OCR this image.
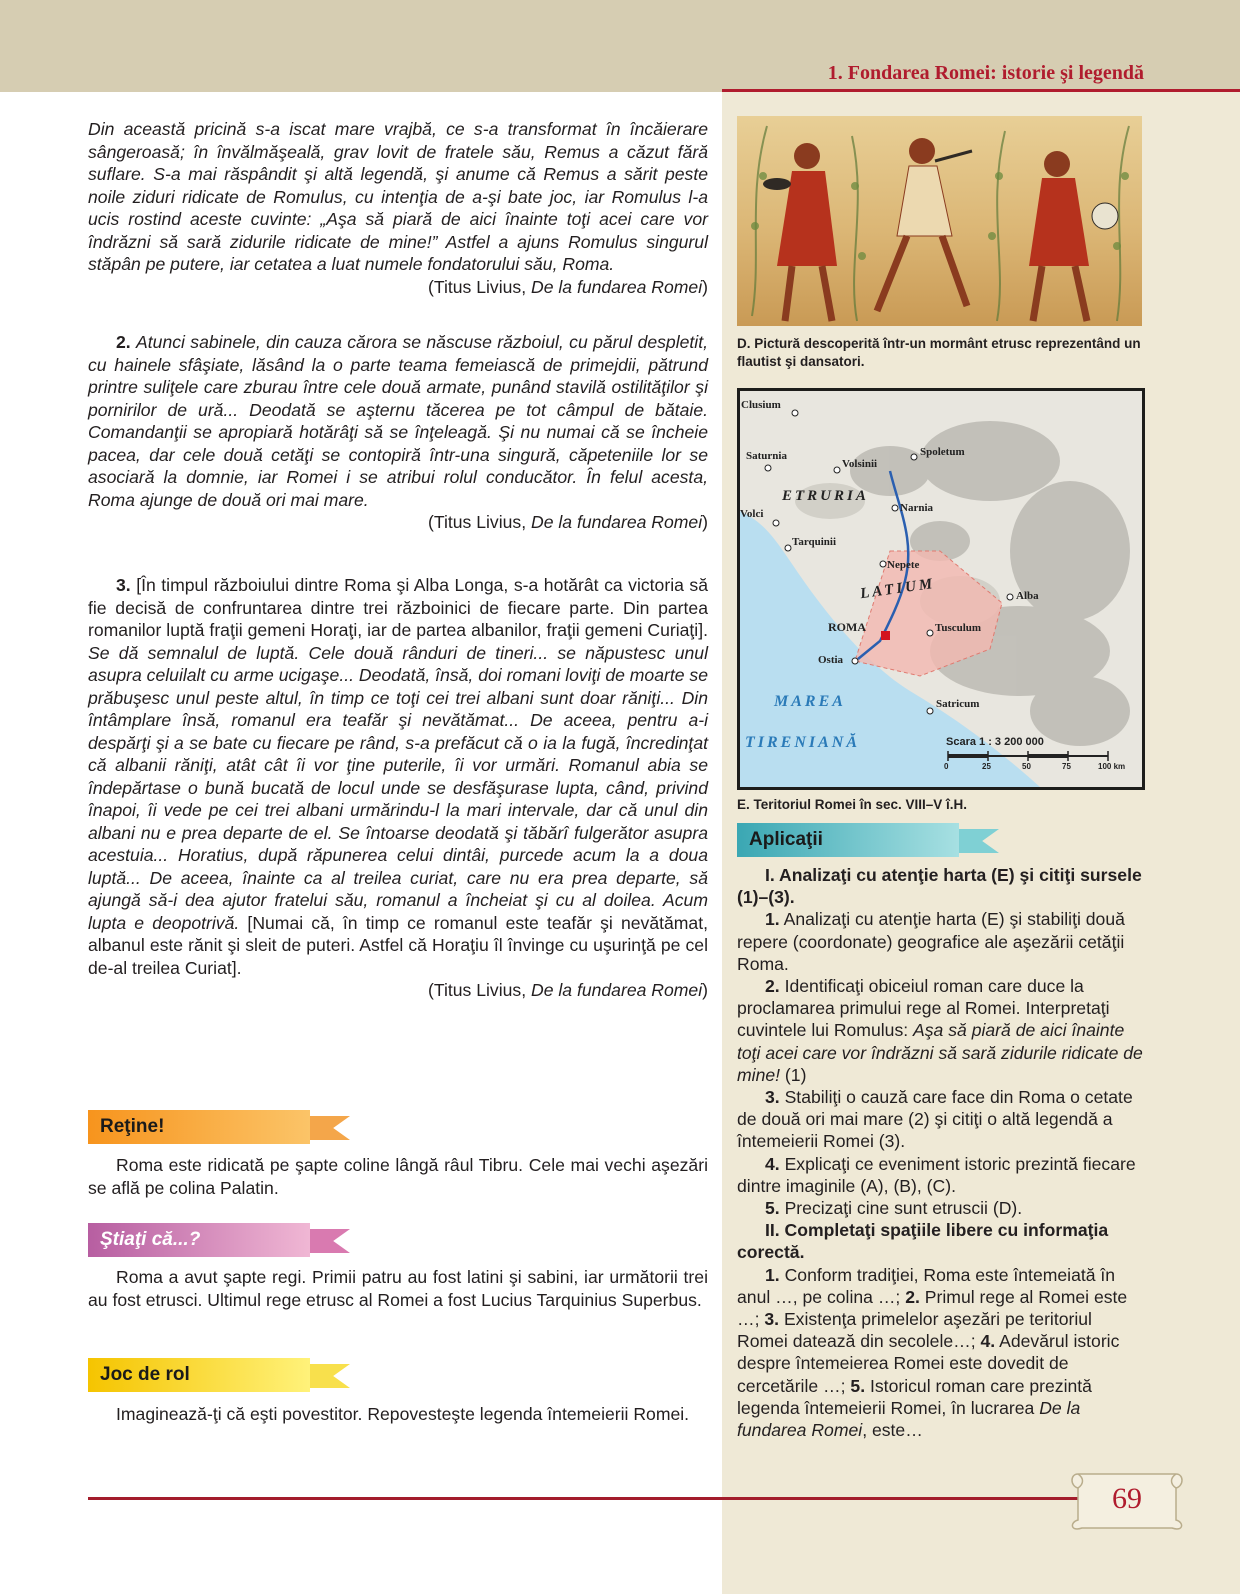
1. Fondarea Romei: istorie şi legendă

Din această pricină s-a iscat mare vrajbă, ce s-a transformat în încăierare sângeroasă; în învălmăşeală, grav lovit de fratele său, Remus a căzut fără suflare. S-a mai răspândit şi altă legendă, şi anume că Remus a sărit peste noile ziduri ridicate de Romulus, cu intenţia de a-şi bate joc, iar Romulus l-a ucis rostind aceste cuvinte: „Aşa să piară de aici înainte toţi acei care vor îndrăzni să sară zidurile ridicate de mine!” Astfel a ajuns Romulus singurul stăpân pe putere, iar cetatea a luat numele fondatorului său, Roma.

(Titus Livius, De la fundarea Romei)

2. Atunci sabinele, din cauza cărora se născuse războiul, cu părul despletit, cu hainele sfâşiate, lăsând la o parte teama femeiască de primejdii, pătrund printre suliţele care zburau între cele două armate, punând stavilă ostilităţilor şi pornirilor de ură... Deodată se aşternu tăcerea pe tot câmpul de bătaie. Comandanţii se apropiară hotărâţi să se înţeleagă. Şi nu numai că se încheie pacea, dar cele două cetăţi se contopiră într-una singură, căpeteniile lor se asociară la domnie, iar Romei i se atribui rolul conducător. În felul acesta, Roma ajunge de două ori mai mare.

(Titus Livius, De la fundarea Romei)

3. [În timpul războiului dintre Roma şi Alba Longa, s-a hotărât ca victoria să fie decisă de confruntarea dintre trei războinici de fiecare parte. Din partea romanilor luptă fraţii gemeni Horaţi, iar de partea albanilor, fraţii gemeni Curiaţi]. Se dă semnalul de luptă. Cele două rânduri de tineri... se năpustesc unul asupra celuilalt cu arme ucigaşe... Deodată, însă, doi romani loviţi de moarte se prăbuşesc unul peste altul, în timp ce toţi cei trei albani sunt doar răniţi... Din întâmplare însă, romanul era teafăr şi nevătămat... De aceea, pentru a-i despărţi şi a se bate cu fiecare pe rând, s-a prefăcut că o ia la fugă, încredinţat că albanii răniţi, atât cât îi vor ţine puterile, îi vor urmări. Romanul abia se îndepărtase o bună bucată de locul unde se desfăşurase lupta, când, privind înapoi, îi vede pe cei trei albani urmărindu-l la mari intervale, dar că unul din albani nu e prea departe de el. Se întoarse deodată şi tăbărî fulgerător asupra acestuia... Horatius, după răpunerea celui dintâi, purcede acum la a doua luptă... De aceea, înainte ca al treilea curiat, care nu era prea departe, să ajungă să-i dea ajutor fratelui său, romanul a încheiat şi cu al doilea. Acum lupta e deopotrivă. [Numai că, în timp ce romanul este teafăr şi nevătămat, albanul este rănit şi sleit de puteri. Astfel că Horaţiu îl învinge cu uşurinţă pe cel de-al treilea Curiat].

(Titus Livius, De la fundarea Romei)

Reţine!

Roma este ridicată pe şapte coline lângă râul Tibru. Cele mai vechi aşezări se află pe colina Palatin.

Ştiaţi că...?

Roma a avut şapte regi. Primii patru au fost latini şi sabini, iar următorii trei au fost etrusci. Ultimul rege etrusc al Romei a fost Lucius Tarquinius Superbus.

Joc de rol

Imaginează-ţi că eşti povestitor. Repovesteşte legenda întemeierii Romei.

D. Pictură descoperită într-un mormânt etrusc reprezentând un flautist şi dansatori.
Clusium
Saturnia
Volsinii
Spoletum
ETRURIA
Volci	Narnia
Tarquinii
Nepete
LATIUM	Alba
ROMA	Tusculum
Ostia
MAREA	Satricum
TIRENIANĂ	Scara 1 : 3 200 000
0	25	50	75	100 km
E. Teritoriul Romei în sec. VIII–V î.H.
Aplicaţii

I. Analizaţi cu atenţie harta (E) şi citiţi sursele (1)–(3).

1. Analizaţi cu atenţie harta (E) şi stabiliţi două repere (coordonate) geografice ale aşezării cetăţii Roma.

2. Identificaţi obiceiul roman care duce la proclamarea primului rege al Romei. Interpretaţi cuvintele lui Romulus: Aşa să piară de aici înainte toţi acei care vor îndrăzni să sară zidurile ridicate de mine! (1)

3. Stabiliţi o cauză care face din Roma o cetate de două ori mai mare (2) şi citiţi o altă legendă a întemeierii Romei (3).

4. Explicaţi ce eveniment istoric prezintă fiecare dintre imaginile (A), (B), (C).

5. Precizaţi cine sunt etruscii (D).

II. Completaţi spaţiile libere cu informaţia corectă.

1. Conform tradiţiei, Roma este întemeiată în anul …, pe colina …; 2. Primul rege al Romei este …; 3. Existenţa primelelor aşezări pe teritoriul Romei datează din secolele…; 4. Adevărul istoric despre întemeierea Romei este dovedit de cercetările …; 5. Istoricul roman care prezintă legenda întemeierii Romei, în lucrarea De la fundarea Romei, este…

69
